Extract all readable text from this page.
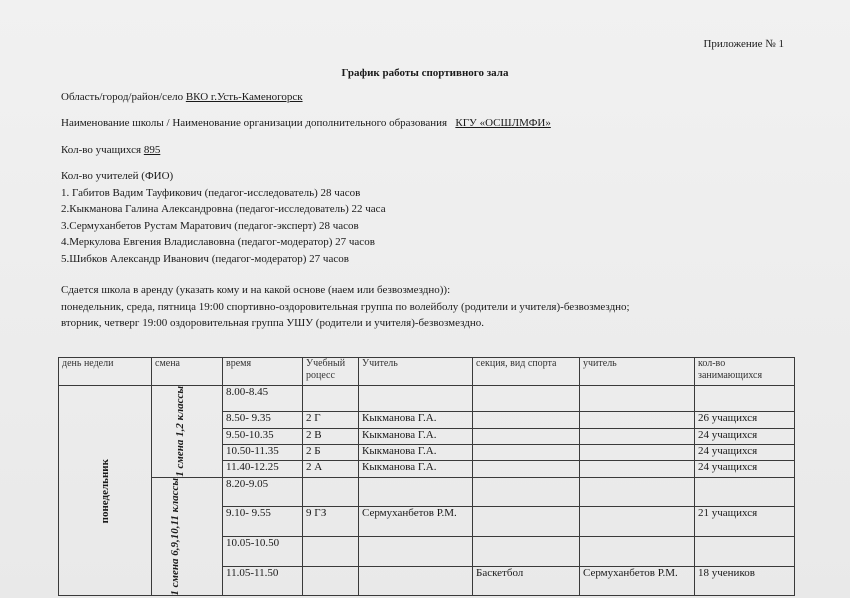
Приложение № 1
График работы спортивного зала
Область/город/район/село ВКО г.Усть-Каменогорск
Наименование школы / Наименование организации дополнительного образования КГУ «ОСШЛМФИ»
Кол-во учащихся 895
Кол-во учителей (ФИО)
1. Габитов Вадим Тауфикович (педагог-исследователь) 28 часов
2.Кыкманова Галина Александровна (педагог-исследователь) 22 часа
3.Сермуханбетов Рустам Маратович (педагог-эксперт) 28 часов
4.Меркулова Евгения Владиславовна (педагог-модератор) 27 часов
5.Шибков Александр Иванович (педагог-модератор) 27 часов
Сдается школа в аренду (указать кому и на какой основе (наем или безвозмездно)):
понедельник, среда, пятница 19:00 спортивно-оздоровительная группа по волейболу (родители и учителя)-безвозмездно;
вторник, четверг 19:00 оздоровительная группа УШУ (родители и учителя)-безвозмездно.
день недели	смена	время	Учебный роцесс	Учитель	секция, вид спорта	учитель	кол-во занимающихся

понедельник	1 смена 1,2 классы	8.00-8.45					
		8.50- 9.35	2 Г	Кыкманова Г.А.			26 учащихся
		9.50-10.35	2 В	Кыкманова Г.А.			24 учащихся
		10.50-11.35	2 Б	Кыкманова Г.А.			24 учащихся
		11.40-12.25	2 А	Кыкманова Г.А.			24 учащихся

	1 смена 6,9,10,11 классы	8.20-9.05					
		9.10- 9.55	9 ГЗ	Сермуханбетов Р.М.			21 учащихся
		10.05-10.50					
		11.05-11.50			Баскетбол	Сермуханбетов Р.М.	18 учеников
